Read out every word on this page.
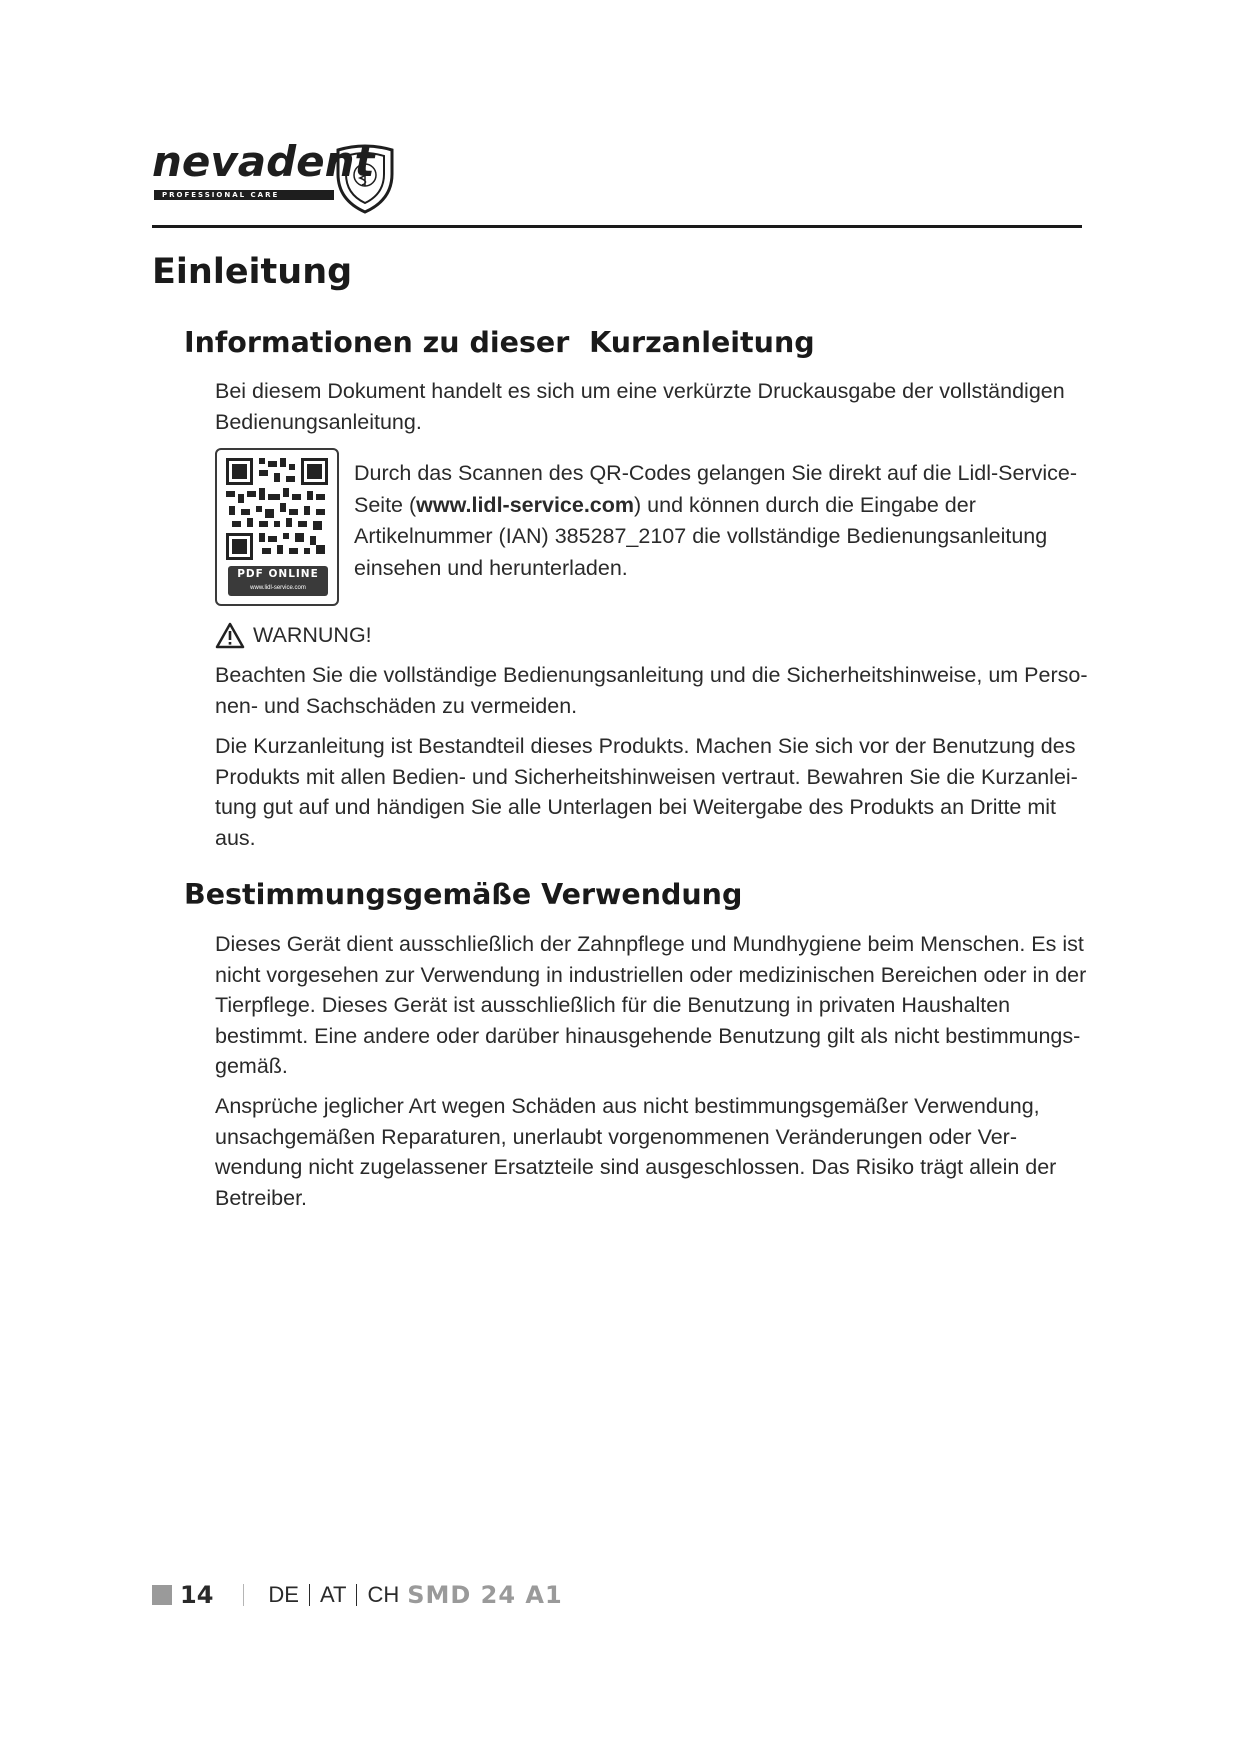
nevadent
PROFESSIONAL CARE
Einleitung
Informationen zu dieser  Kurzanleitung

Bei diesem Dokument handelt es sich um eine verkürzte Druckausgabe der vollständigen Bedienungsanleitung.

PDF ONLINE
www.lidl-service.com

Durch das Scannen des QR-Codes gelangen Sie direkt auf die Lidl-Service-Seite (www.lidl-service.com) und können durch die Eingabe der Artikelnummer (IAN) 385287_2107 die vollständige Bedienungsanleitung einsehen und herunterladen.

WARNUNG!

Beachten Sie die vollständige Bedienungsanleitung und die Sicherheitshinweise, um Perso-nen- und Sachschäden zu vermeiden.

Die Kurzanleitung ist Bestandteil dieses Produkts. Machen Sie sich vor der Benutzung des Produkts mit allen Bedien- und Sicherheitshinweisen vertraut. Bewahren Sie die Kurzanlei-tung gut auf und händigen Sie alle Unterlagen bei Weitergabe des Produkts an Dritte mit aus.

Bestimmungsgemäße Verwendung

Dieses Gerät dient ausschließlich der Zahnpflege und Mundhygiene beim Menschen. Es ist nicht vorgesehen zur Verwendung in industriellen oder medizinischen Bereichen oder in der Tierpflege. Dieses Gerät ist ausschließlich für die Benutzung in privaten Haushalten bestimmt. Eine andere oder darüber hinausgehende Benutzung gilt als nicht bestimmungs-gemäß.

Ansprüche jeglicher Art wegen Schäden aus nicht bestimmungsgemäßer Verwendung, unsachgemäßen Reparaturen, unerlaubt vorgenommenen Veränderungen oder Ver-wendung nicht zugelassener Ersatzteile sind ausgeschlossen. Das Risiko trägt allein der Betreiber.

14	DE AT CH SMD 24 A1
